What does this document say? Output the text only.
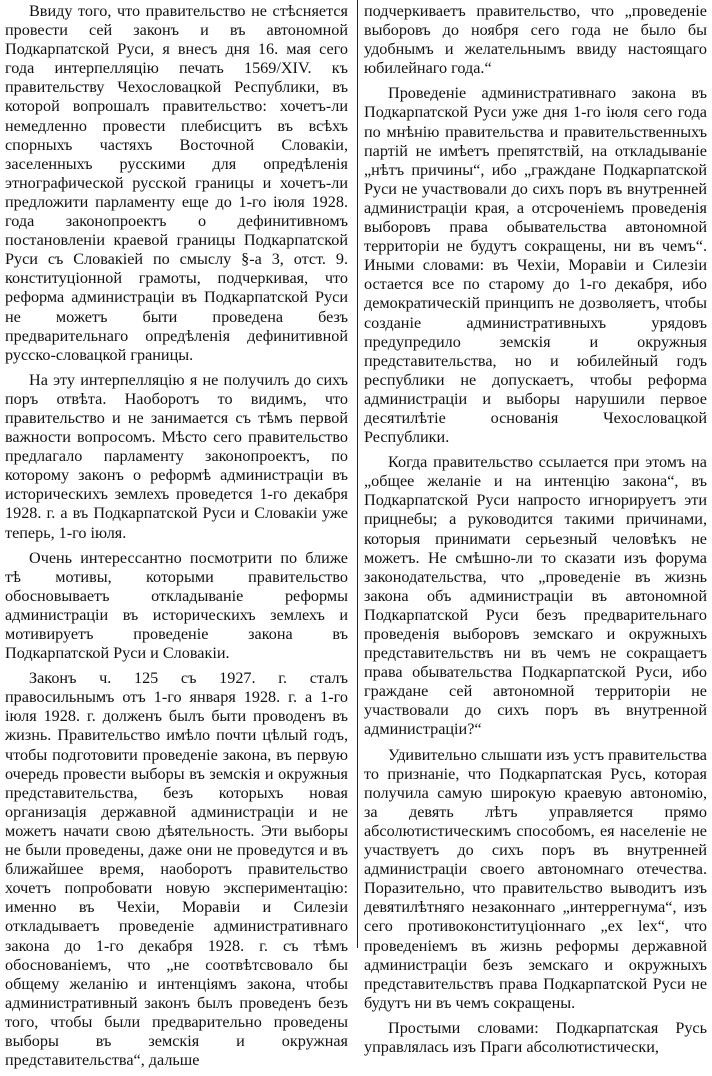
Ввиду того, что правительство не стѣсняется провести сей законъ и въ автономной Подкарпатской Руси, я внесъ дня 16. мая сего года интерпелляцію печать 1569/XIV. къ правительству Чехословацкой Республики, въ которой вопрошалъ правительство: хочетъ-ли немедленно провести плебисцитъ въ всѣхъ спорныхъ частяхъ Восточной Словакіи, заселенныхъ русскими для опредѣленія этнографической русской границы и хочетъ-ли предложити парламенту еще до 1-го іюля 1928. года законопроектъ о дефинитивномъ постановленіи краевой границы Подкарпатской Руси съ Словакіей по смыслу §-а 3, отст. 9. конституціонной грамоты, подчеркивая, что реформа администраціи въ Подкарпатской Руси не можетъ быти проведена безъ предварительнаго опредѣленія дефинитивной русско-словацкой границы.

На эту интерпелляцію я не получилъ до сихъ поръ отвѣта. Наоборотъ то видимъ, что правительство и не занимается съ тѣмъ первой важности вопросомъ. Мѣсто сего правительство предлагало парламенту законопроектъ, по которому законъ о реформѣ администраціи въ историческихъ землехъ проведется 1-го декабря 1928. г. а въ Подкарпатской Руси и Словакіи уже теперь, 1-го іюля.

Очень интерессантно посмотрити по ближе тѣ мотивы, которыми правительство обосновываетъ откладываніе реформы администраціи въ историческихъ землехъ и мотивируетъ проведеніе закона въ Подкарпатской Руси и Словакіи.

Законъ ч. 125 съ 1927. г. сталъ правосильнымъ отъ 1-го января 1928. г. а 1-го іюля 1928. г. долженъ былъ быти проводенъ въ жизнь. Правительство имѣло почти цѣлый годъ, чтобы подготовити проведеніе закона, въ первую очередь провести выборы въ земскія и окружныя представительства, безъ которыхъ новая организація державной администраціи и не можетъ начати свою дѣятельность. Эти выборы не были проведены, даже они не проведутся и въ ближайшее время, наоборотъ правительство хочетъ попробовати новую экспериментацію: именно въ Чехіи, Моравіи и Силезіи откладываетъ проведеніе административнаго закона до 1-го декабря 1928. г. съ тѣмъ обоснованіемъ, что „не соотвѣтсвовало бы общему желанію и интенціямъ закона, чтобы административный законъ былъ проведенъ безъ того, чтобы были предварительно проведены выборы въ земскія и окружная представительства“, дальше

подчеркиваетъ правительство, что „проведеніе выборовъ до ноября сего года не было бы удобнымъ и желательнымъ ввиду настоящаго юбилейнаго года.“

Проведеніе административнаго закона въ Подкарпатской Руси уже дня 1-го іюля сего года по мнѣнію правительства и правительственныхъ партій не имѣетъ препятствій, на откладываніе „нѣтъ причины“, ибо „граждане Подкарпатской Руси не участвовали до сихъ поръ въ внутренней администраціи края, а отсроченіемъ проведенія выборовъ права обывательства автономной территоріи не будутъ сокращены, ни въ чемъ“. Иными словами: въ Чехіи, Моравіи и Силезіи остается все по старому до 1-го декабря, ибо демократическій принципъ не дозволяетъ, чтобы созданіе административныхъ урядовъ предупредило земскія и окружныя представительства, но и юбилейный годъ республики не допускаетъ, чтобы реформа администраціи и выборы нарушили первое десятилѣтіе основанія Чехословацкой Республики.

Когда правительство ссылается при этомъ на „общее желаніе и на интенцію закона“, въ Подкарпатской Руси напросто игнорируетъ эти прицнебы; а руководится такими причинами, которыя принимати серьезный человѣкъ не можетъ. Не смѣшно-ли то сказати изъ форума законодательства, что „проведеніе въ жизнь закона объ администраціи въ автономной Подкарпатской Руси безъ предварительнаго проведенія выборовъ земскаго и окружныхъ представительствъ ни въ чемъ не сокращаетъ права обывательства Подкарпатской Руси, ибо граждане сей автономной территоріи не участвовали до сихъ поръ въ внутренной администраціи?“

Удивительно слышати изъ устъ правительства то признаніе, что Подкарпатская Русь, которая получила самую широкую краевую автономію, за девять лѣтъ управляется прямо абсолютистическимъ способомъ, ея населеніе не участвуетъ до сихъ поръ въ внутренней администраціи своего автономнаго отечества. Поразительно, что правительство выводитъ изъ девятилѣтняго незаконнаго „интеррегнума“, изъ сего противоконституціоннаго „ex lex“, что проведеніемъ въ жизнь реформы державной администраціи безъ земскаго и окружныхъ представительствъ права Подкарпатской Руси не будутъ ни въ чемъ сокращены.

Простыми словами: Подкарпатская Русь управлялась изъ Праги абсолютистически,
